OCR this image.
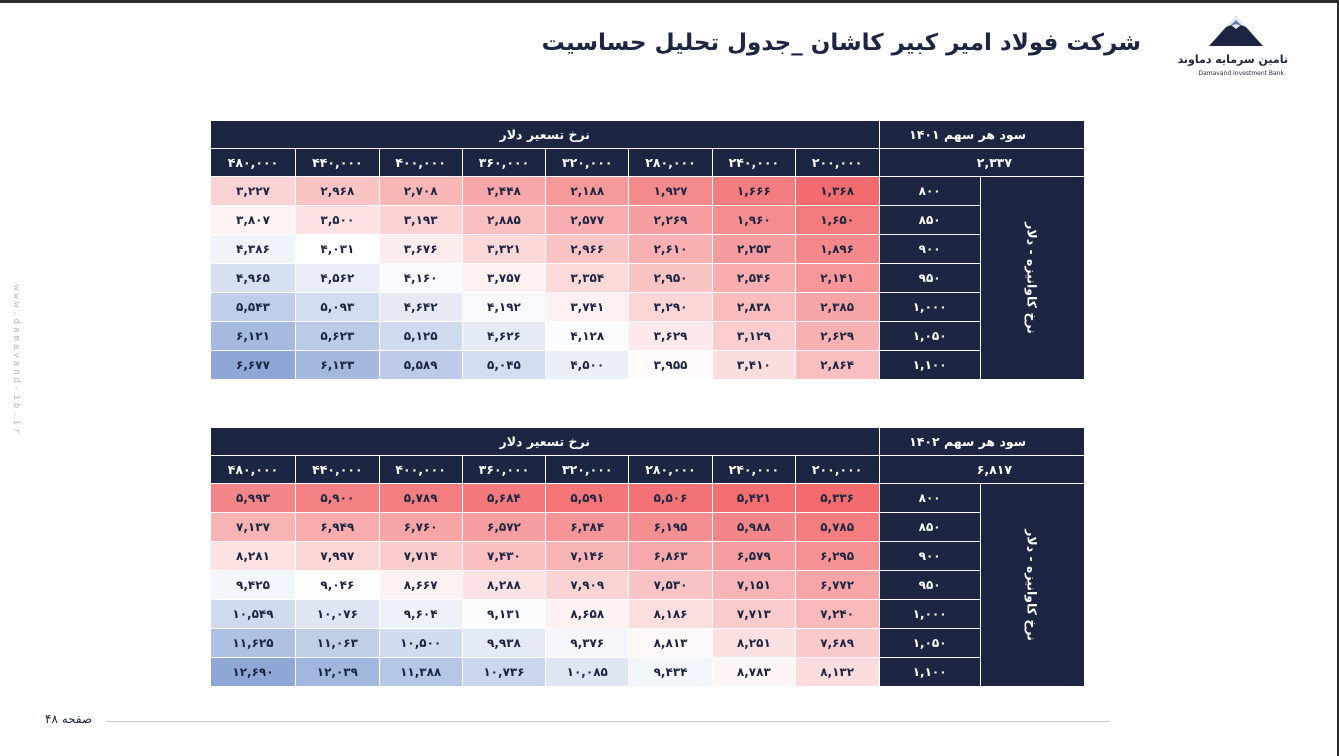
شرکت فولاد امیر کبیر کاشان _جدول تحلیل حساسیت
تامین سرمایه دماوند
Damavand Investment Bank
www.damavand-ib.ir
سود هر سهم ۱۴۰۱		نرخ تسعیر دلار							
۲,۳۳۷		۲۰۰,۰۰۰	۲۴۰,۰۰۰	۲۸۰,۰۰۰	۳۲۰,۰۰۰	۳۶۰,۰۰۰	۴۰۰,۰۰۰	۴۴۰,۰۰۰	۴۸۰,۰۰۰

نرخ کاوانیزه - دلار	۸۰۰	۱,۳۶۸	۱,۶۶۶	۱,۹۲۷	۲,۱۸۸	۲,۴۴۸	۲,۷۰۸	۲,۹۶۸	۳,۲۲۷
	۸۵۰	۱,۶۵۰	۱,۹۶۰	۲,۲۶۹	۲,۵۷۷	۲,۸۸۵	۳,۱۹۳	۳,۵۰۰	۳,۸۰۷
	۹۰۰	۱,۸۹۶	۲,۲۵۳	۲,۶۱۰	۲,۹۶۶	۳,۳۲۱	۳,۶۷۶	۴,۰۳۱	۴,۳۸۶
	۹۵۰	۲,۱۴۱	۲,۵۴۶	۲,۹۵۰	۳,۳۵۴	۳,۷۵۷	۴,۱۶۰	۴,۵۶۲	۴,۹۶۵
	۱,۰۰۰	۲,۳۸۵	۲,۸۳۸	۳,۲۹۰	۳,۷۴۱	۴,۱۹۲	۴,۶۴۲	۵,۰۹۳	۵,۵۴۳
	۱,۰۵۰	۲,۶۲۹	۳,۱۲۹	۳,۶۲۹	۴,۱۲۸	۴,۶۲۶	۵,۱۲۵	۵,۶۲۳	۶,۱۲۱
	۱,۱۰۰	۲,۸۶۴	۳,۴۱۰	۳,۹۵۵	۴,۵۰۰	۵,۰۴۵	۵,۵۸۹	۶,۱۳۳	۶,۶۷۷
سود هر سهم ۱۴۰۲		نرخ تسعیر دلار							
۶,۸۱۷		۲۰۰,۰۰۰	۲۴۰,۰۰۰	۲۸۰,۰۰۰	۳۲۰,۰۰۰	۳۶۰,۰۰۰	۴۰۰,۰۰۰	۴۴۰,۰۰۰	۴۸۰,۰۰۰

نرخ کاوانیزه - دلار	۸۰۰	۵,۳۳۶	۵,۴۲۱	۵,۵۰۶	۵,۵۹۱	۵,۶۸۴	۵,۷۸۹	۵,۹۰۰	۵,۹۹۳
	۸۵۰	۵,۷۸۵	۵,۹۸۸	۶,۱۹۵	۶,۳۸۴	۶,۵۷۲	۶,۷۶۰	۶,۹۴۹	۷,۱۳۷
	۹۰۰	۶,۲۹۵	۶,۵۷۹	۶,۸۶۳	۷,۱۴۶	۷,۴۳۰	۷,۷۱۴	۷,۹۹۷	۸,۲۸۱
	۹۵۰	۶,۷۷۲	۷,۱۵۱	۷,۵۳۰	۷,۹۰۹	۸,۲۸۸	۸,۶۶۷	۹,۰۴۶	۹,۴۲۵
	۱,۰۰۰	۷,۲۴۰	۷,۷۱۳	۸,۱۸۶	۸,۶۵۸	۹,۱۳۱	۹,۶۰۴	۱۰,۰۷۶	۱۰,۵۴۹
	۱,۰۵۰	۷,۶۸۹	۸,۲۵۱	۸,۸۱۳	۹,۳۷۶	۹,۹۳۸	۱۰,۵۰۰	۱۱,۰۶۳	۱۱,۶۲۵
	۱,۱۰۰	۸,۱۳۲	۸,۷۸۳	۹,۴۳۴	۱۰,۰۸۵	۱۰,۷۳۶	۱۱,۳۸۸	۱۲,۰۳۹	۱۲,۶۹۰
صفحه ۴۸
